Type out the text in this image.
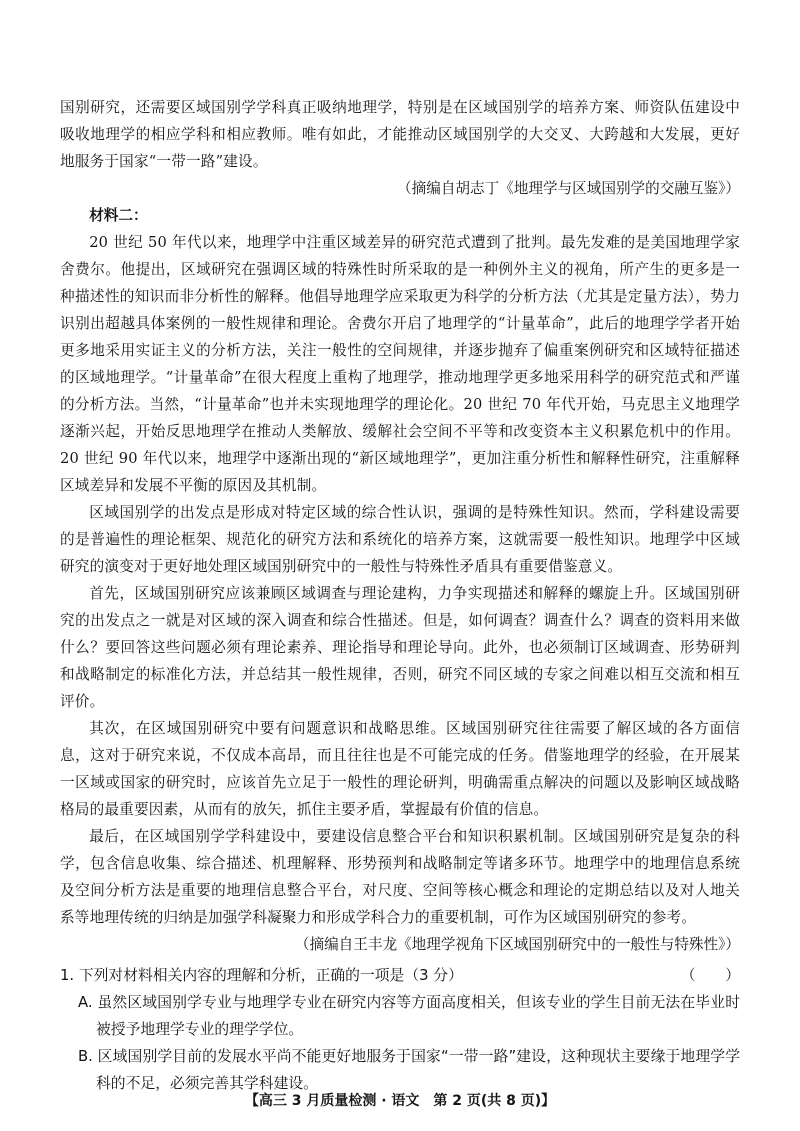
国别研究，还需要区域国别学学科真正吸纳地理学，特别是在区域国别学的培养方案、师资队伍建设中吸收地理学的相应学科和相应教师。唯有如此，才能推动区域国别学的大交叉、大跨越和大发展，更好地服务于国家“一带一路”建设。

（摘编自胡志丁《地理学与区域国别学的交融互鉴》）

材料二：

20 世纪 50 年代以来，地理学中注重区域差异的研究范式遭到了批判。最先发难的是美国地理学家舍费尔。他提出，区域研究在强调区域的特殊性时所采取的是一种例外主义的视角，所产生的更多是一种描述性的知识而非分析性的解释。他倡导地理学应采取更为科学的分析方法（尤其是定量方法），势力识别出超越具体案例的一般性规律和理论。舍费尔开启了地理学的“计量革命”，此后的地理学学者开始更多地采用实证主义的分析方法，关注一般性的空间规律，并逐步抛弃了偏重案例研究和区域特征描述的区域地理学。“计量革命”在很大程度上重构了地理学，推动地理学更多地采用科学的研究范式和严谨的分析方法。当然，“计量革命”也并未实现地理学的理论化。20 世纪 70 年代开始，马克思主义地理学逐渐兴起，开始反思地理学在推动人类解放、缓解社会空间不平等和改变资本主义积累危机中的作用。20 世纪 90 年代以来，地理学中逐渐出现的“新区域地理学”，更加注重分析性和解释性研究，注重解释区域差异和发展不平衡的原因及其机制。

区域国别学的出发点是形成对特定区域的综合性认识，强调的是特殊性知识。然而，学科建设需要的是普遍性的理论框架、规范化的研究方法和系统化的培养方案，这就需要一般性知识。地理学中区域研究的演变对于更好地处理区域国别研究中的一般性与特殊性矛盾具有重要借鉴意义。

首先，区域国别研究应该兼顾区域调查与理论建构，力争实现描述和解释的螺旋上升。区域国别研究的出发点之一就是对区域的深入调查和综合性描述。但是，如何调查？调查什么？调查的资料用来做什么？要回答这些问题必须有理论素养、理论指导和理论导向。此外，也必须制订区域调查、形势研判和战略制定的标准化方法，并总结其一般性规律，否则，研究不同区域的专家之间难以相互交流和相互评价。

其次，在区域国别研究中要有问题意识和战略思维。区域国别研究往往需要了解区域的各方面信息，这对于研究来说，不仅成本高昂，而且往往也是不可能完成的任务。借鉴地理学的经验，在开展某一区域或国家的研究时，应该首先立足于一般性的理论研判，明确需重点解决的问题以及影响区域战略格局的最重要因素，从而有的放矢，抓住主要矛盾，掌握最有价值的信息。

最后，在区域国别学学科建设中，要建设信息整合平台和知识积累机制。区域国别研究是复杂的科学，包含信息收集、综合描述、机理解释、形势预判和战略制定等诸多环节。地理学中的地理信息系统及空间分析方法是重要的地理信息整合平台，对尺度、空间等核心概念和理论的定期总结以及对人地关系等地理传统的归纳是加强学科凝聚力和形成学科合力的重要机制，可作为区域国别研究的参考。

（摘编自王丰龙《地理学视角下区域国别研究中的一般性与特殊性》）

1. 下列对材料相关内容的理解和分析，正确的一项是（3 分）	（　　）

A. 虽然区域国别学专业与地理学专业在研究内容等方面高度相关，但该专业的学生目前无法在毕业时被授予地理学专业的理学学位。

B. 区域国别学目前的发展水平尚不能更好地服务于国家“一带一路”建设，这种现状主要缘于地理学学科的不足，必须完善其学科建设。

【高三 3 月质量检测 · 语文　第 2 页(共 8 页)】
